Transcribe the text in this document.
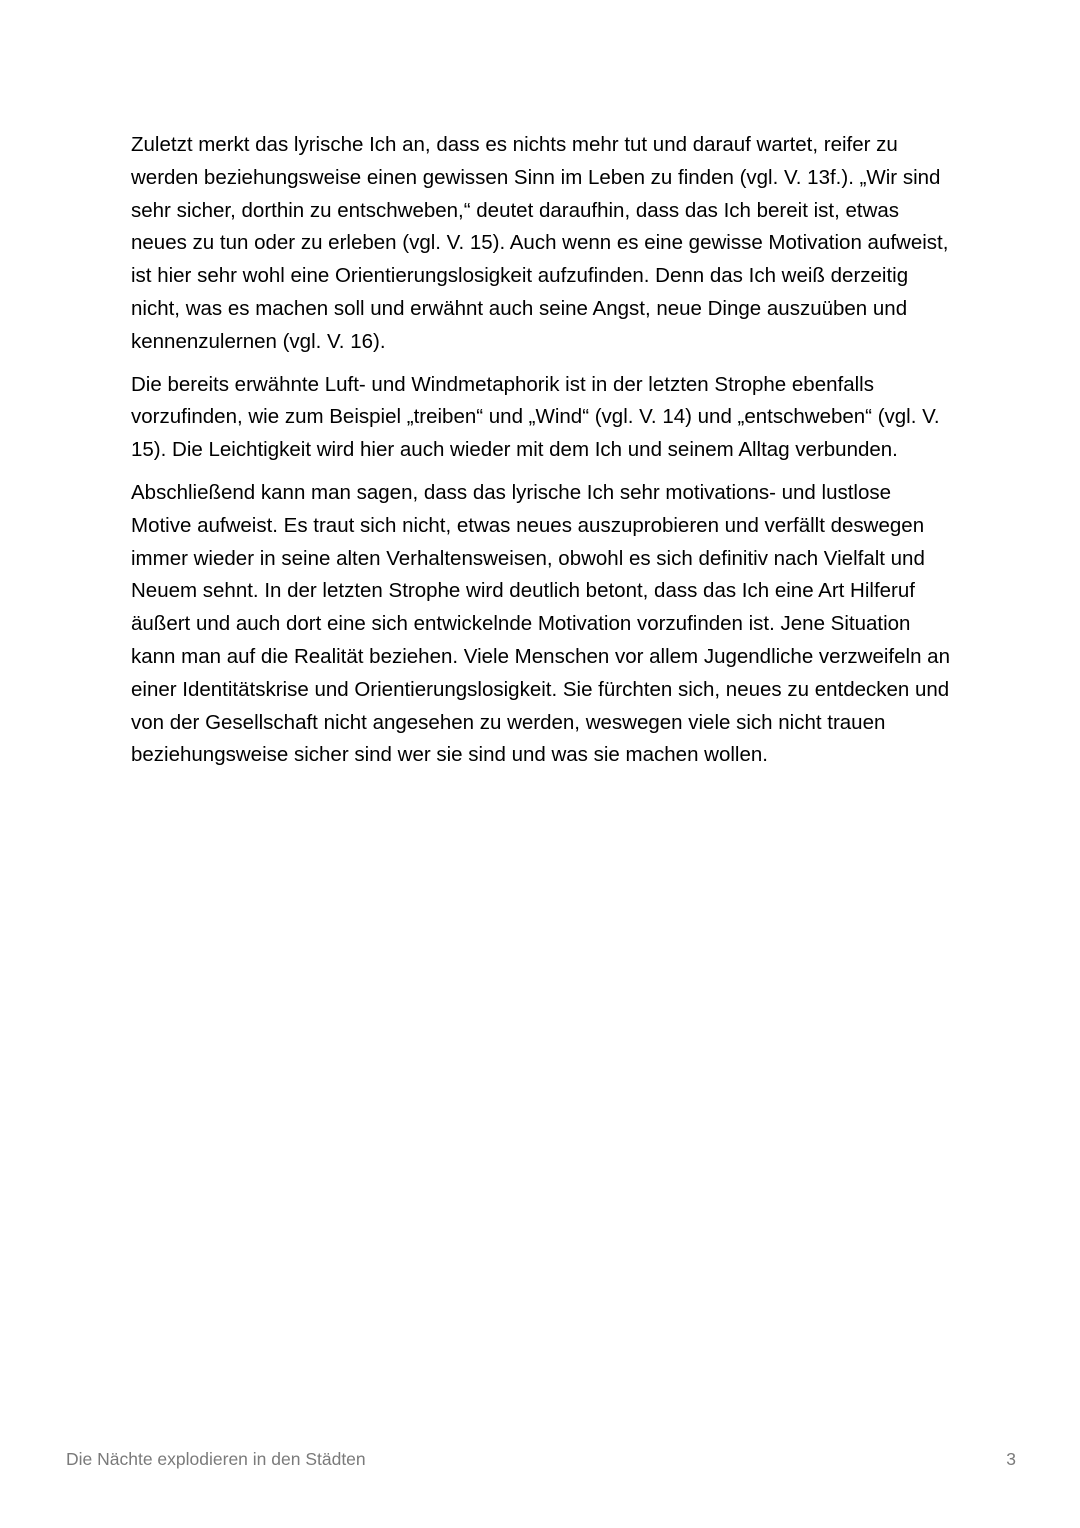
Zuletzt merkt das lyrische Ich an, dass es nichts mehr tut und darauf wartet, reifer zu werden beziehungsweise einen gewissen Sinn im Leben zu finden (vgl. V. 13f.). „Wir sind sehr sicher, dorthin zu entschweben,“ deutet daraufhin, dass das Ich bereit ist, etwas neues zu tun oder zu erleben (vgl. V. 15). Auch wenn es eine gewisse Motivation aufweist, ist hier sehr wohl eine Orientierungslosigkeit aufzufinden. Denn das Ich weiß derzeitig nicht, was es machen soll und erwähnt auch seine Angst, neue Dinge auszuüben und kennenzulernen (vgl. V. 16).

Die bereits erwähnte Luft- und Windmetaphorik ist in der letzten Strophe ebenfalls vorzufinden, wie zum Beispiel „treiben“ und „Wind“ (vgl. V. 14) und „entschweben“ (vgl. V. 15). Die Leichtigkeit wird hier auch wieder mit dem Ich und seinem Alltag verbunden.

Abschließend kann man sagen, dass das lyrische Ich sehr motivations- und lustlose Motive aufweist. Es traut sich nicht, etwas neues auszuprobieren und verfällt deswegen immer wieder in seine alten Verhaltensweisen, obwohl es sich definitiv nach Vielfalt und Neuem sehnt. In der letzten Strophe wird deutlich betont, dass das Ich eine Art Hilferuf äußert und auch dort eine sich entwickelnde Motivation vorzufinden ist. Jene Situation kann man auf die Realität beziehen. Viele Menschen vor allem Jugendliche verzweifeln an einer Identitätskrise und Orientierungslosigkeit. Sie fürchten sich, neues zu entdecken und von der Gesellschaft nicht angesehen zu werden, weswegen viele sich nicht trauen beziehungsweise sicher sind wer sie sind und was sie machen wollen.

Die Nächte explodieren in den Städten	3
